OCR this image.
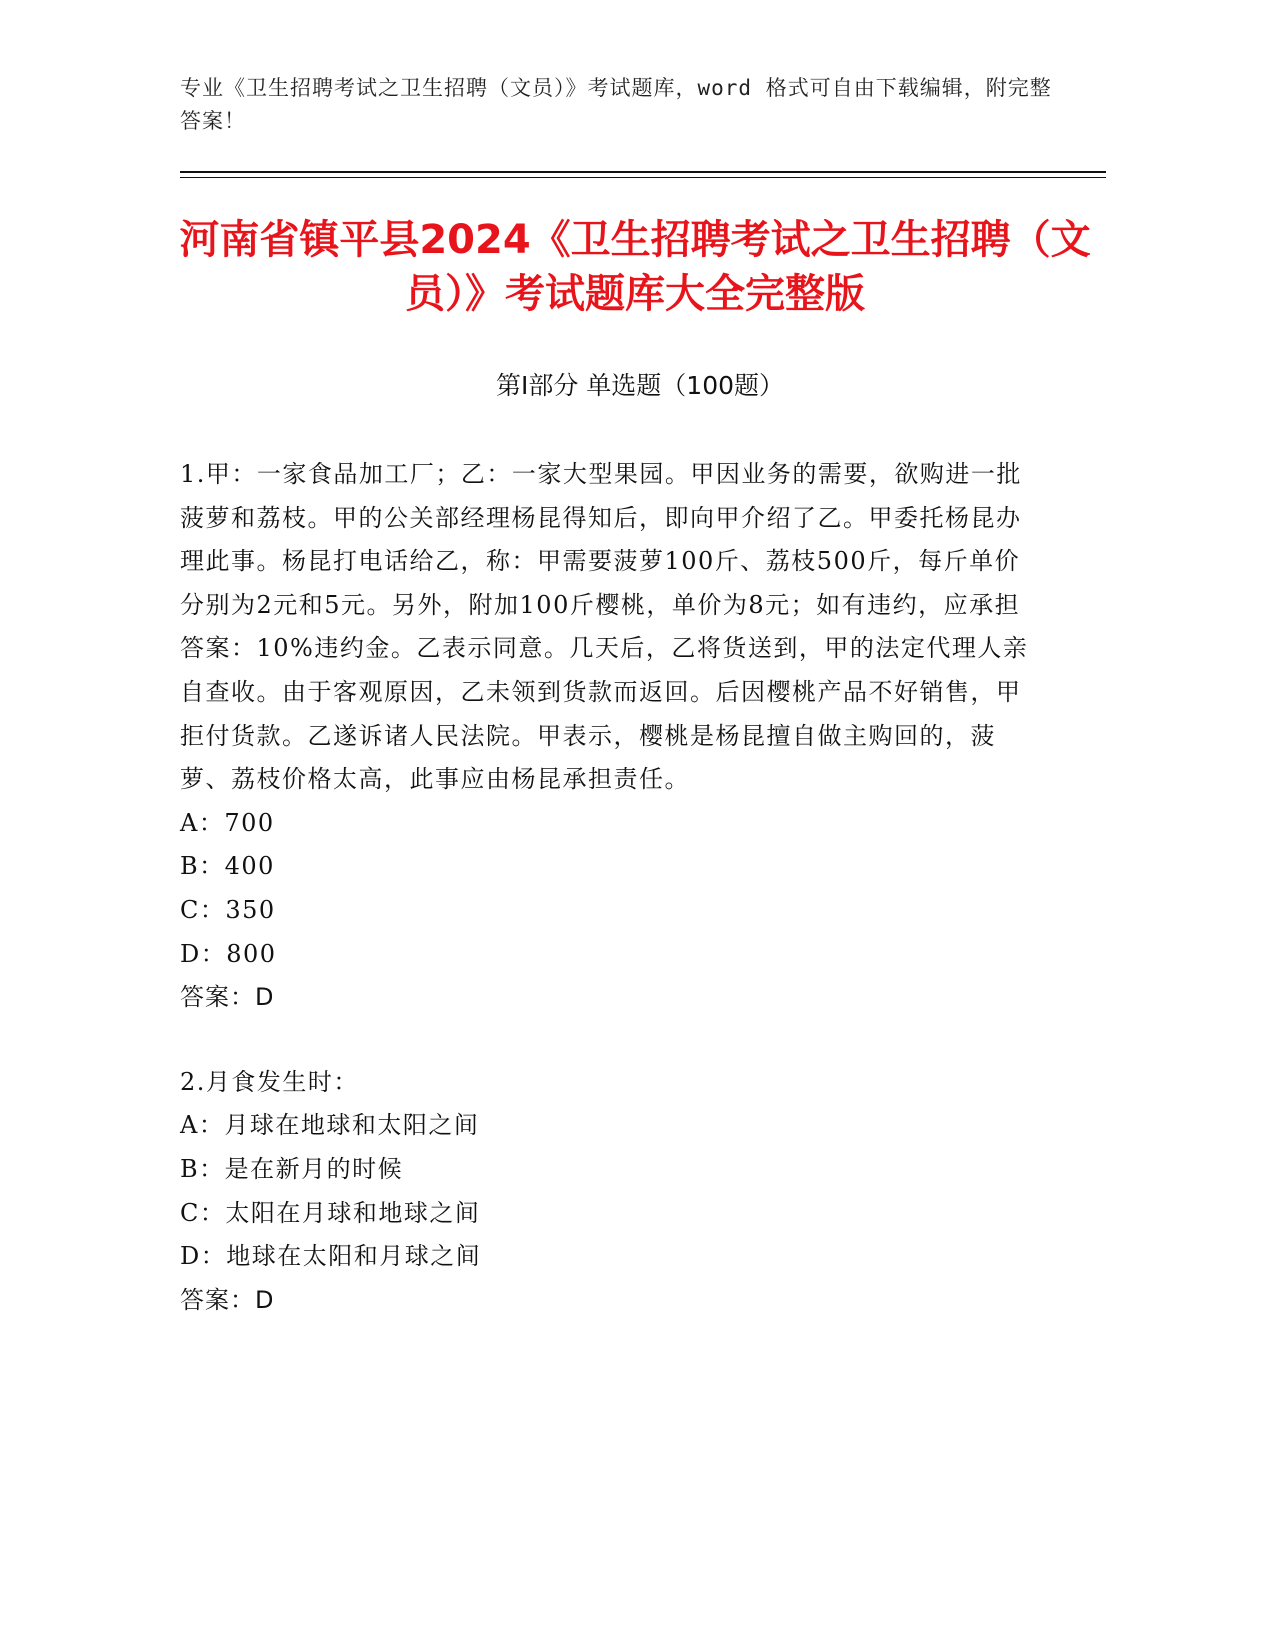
专业《卫生招聘考试之卫生招聘（文员）》考试题库，word 格式可自由下载编辑，附完整答案！
河南省镇平县2024《卫生招聘考试之卫生招聘（文员）》考试题库大全完整版
第Ⅰ部分 单选题（100题）

1.甲：一家食品加工厂；乙：一家大型果园。甲因业务的需要，欲购进一批菠萝和荔枝。甲的公关部经理杨昆得知后，即向甲介绍了乙。甲委托杨昆办理此事。杨昆打电话给乙，称：甲需要菠萝100斤、荔枝500斤，每斤单价分别为2元和5元。另外，附加100斤樱桃，单价为8元；如有违约，应承担答案：10%违约金。乙表示同意。几天后，乙将货送到，甲的法定代理人亲自查收。由于客观原因，乙未领到货款而返回。后因樱桃产品不好销售，甲拒付货款。乙遂诉诸人民法院。甲表示，樱桃是杨昆擅自做主购回的，菠萝、荔枝价格太高，此事应由杨昆承担责任。

A：700

B：400

C：350

D：800

答案：D

2.月食发生时：

A：月球在地球和太阳之间

B：是在新月的时候

C：太阳在月球和地球之间

D：地球在太阳和月球之间

答案：D
